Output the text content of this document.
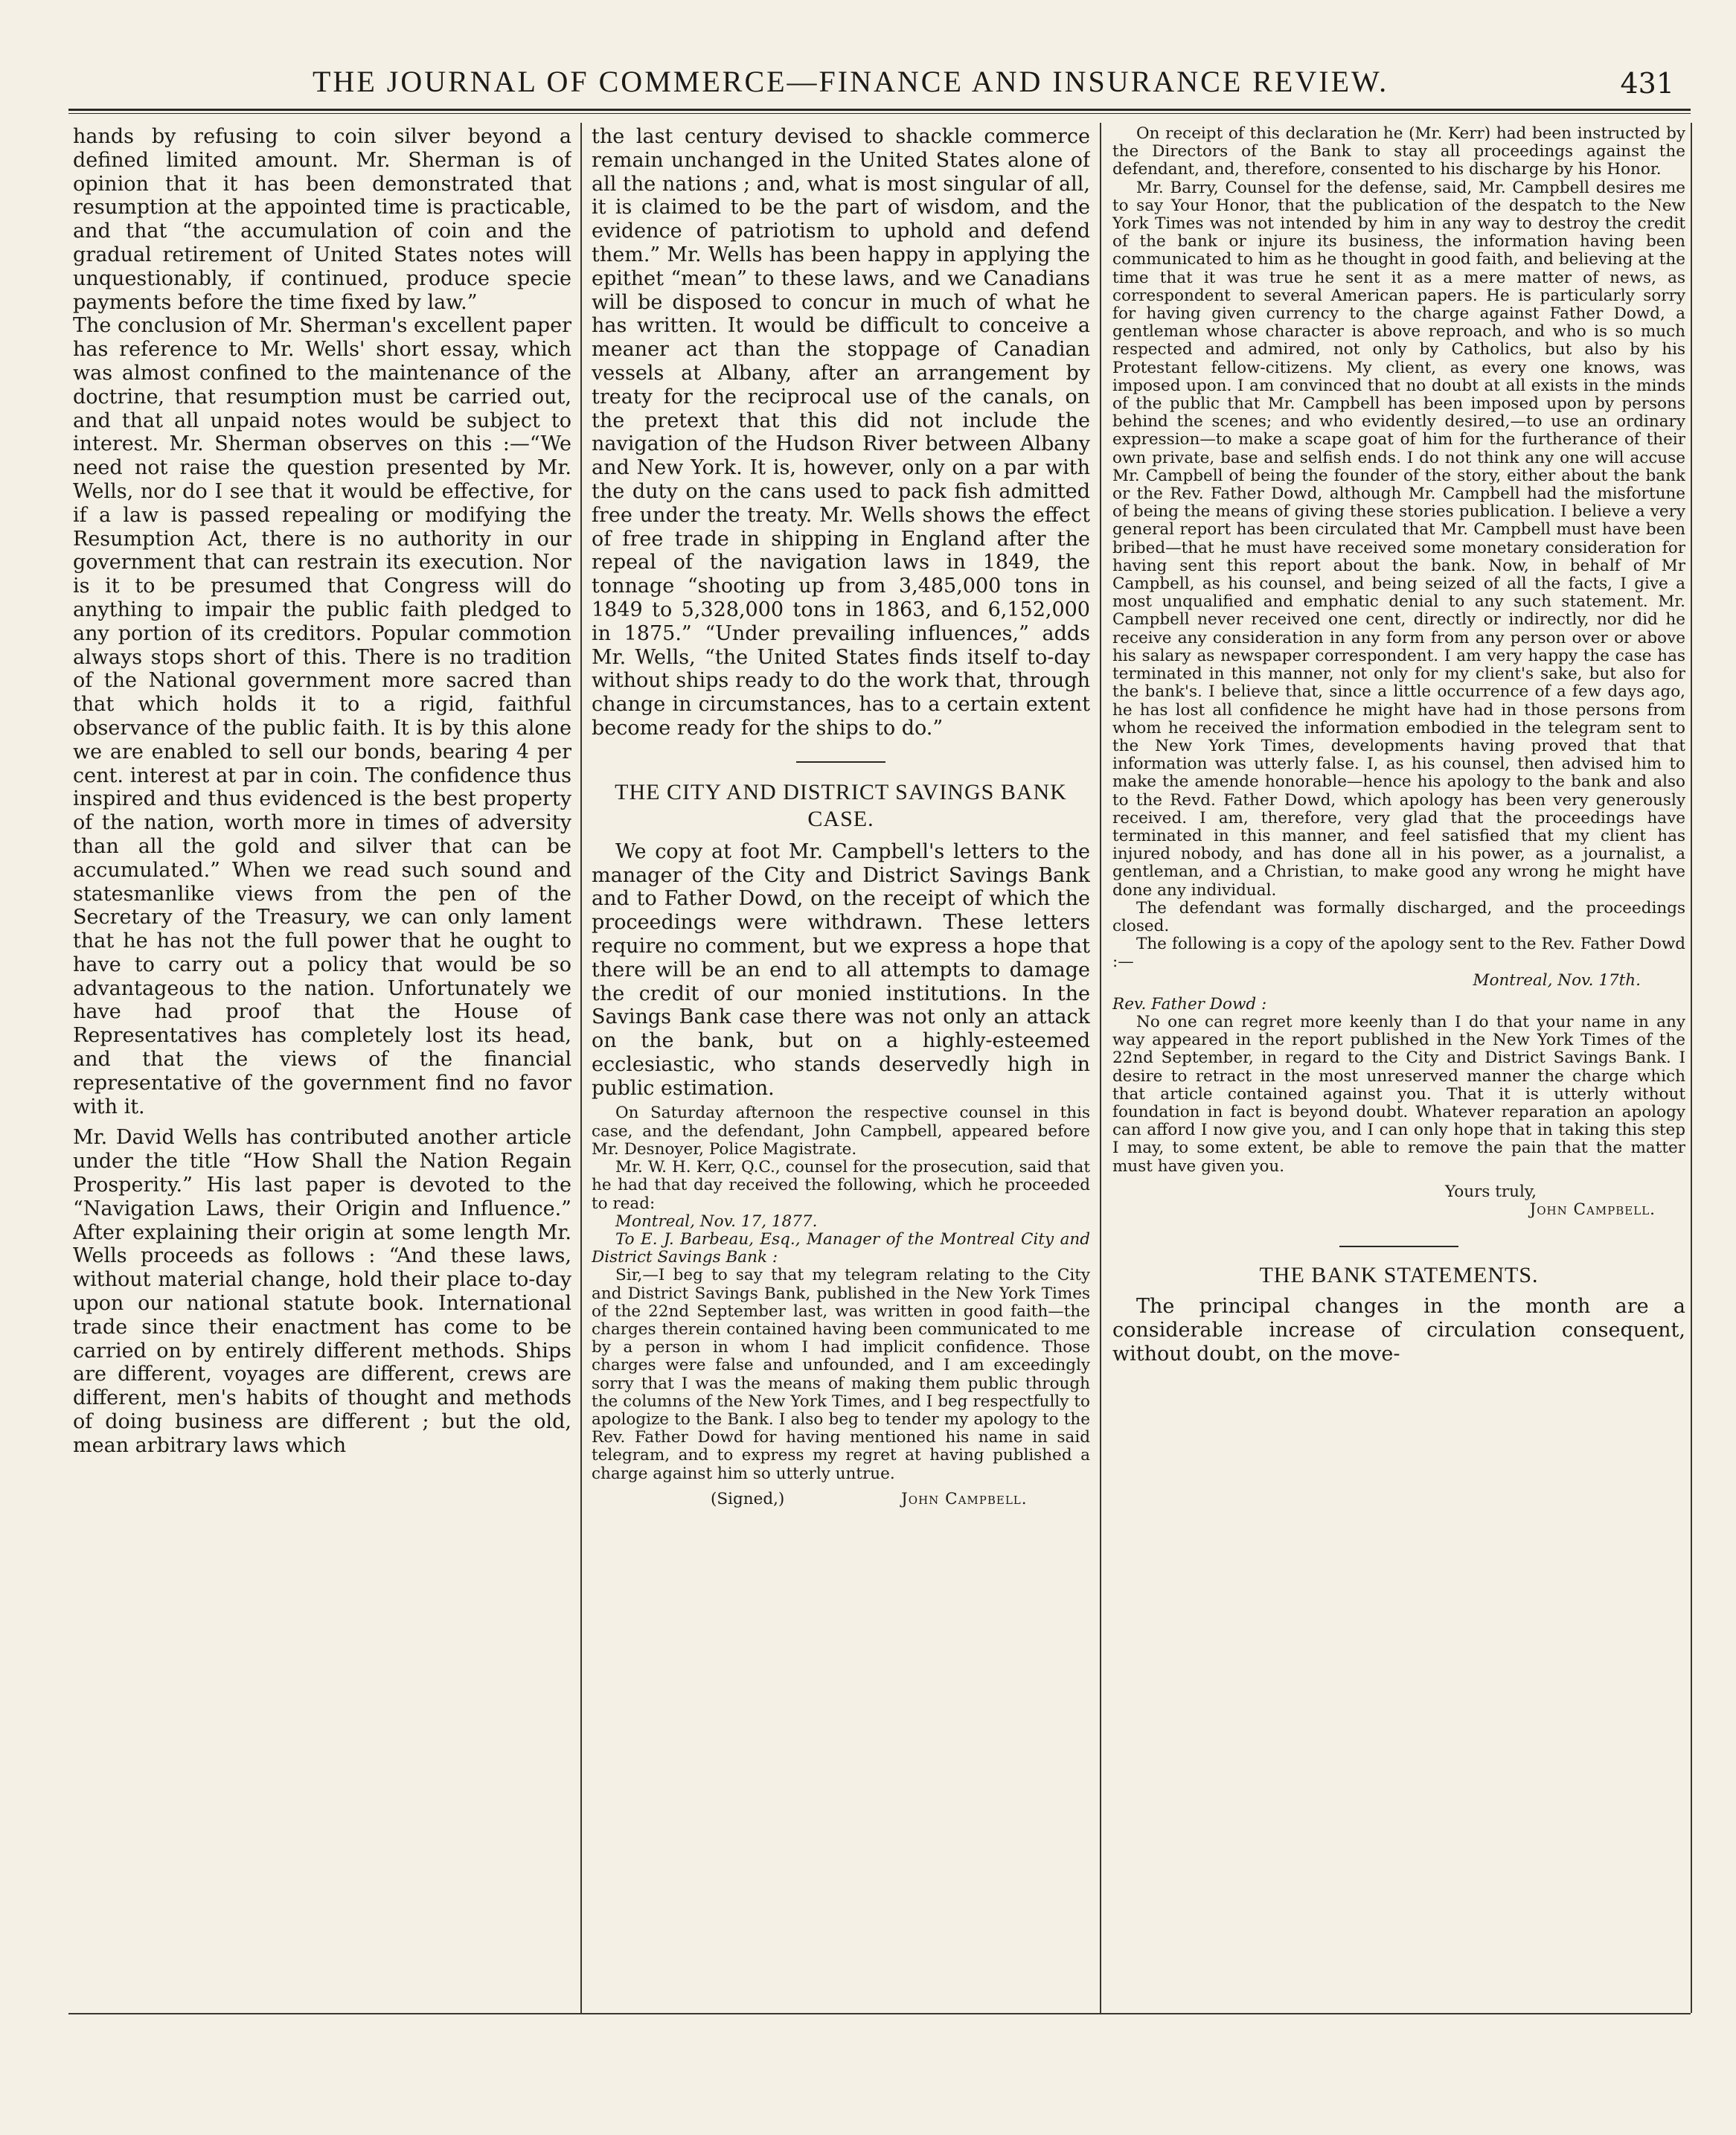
THE JOURNAL OF COMMERCE—FINANCE AND INSURANCE REVIEW.	431

hands by refusing to coin silver beyond a defined limited amount. Mr. Sherman is of opinion that it has been demonstrated that resumption at the appointed time is practicable, and that “the accumulation of coin and the gradual retirement of United States notes will unquestionably, if continued, produce specie payments before the time fixed by law.”

The conclusion of Mr. Sherman's excellent paper has reference to Mr. Wells' short essay, which was almost confined to the maintenance of the doctrine, that resumption must be carried out, and that all unpaid notes would be subject to interest. Mr. Sherman observes on this :—“We need not raise the question presented by Mr. Wells, nor do I see that it would be effective, for if a law is passed repealing or modifying the Resumption Act, there is no authority in our government that can restrain its execution. Nor is it to be presumed that Congress will do anything to impair the public faith pledged to any portion of its creditors. Popular commotion always stops short of this. There is no tradition of the National government more sacred than that which holds it to a rigid, faithful observance of the public faith. It is by this alone we are enabled to sell our bonds, bearing 4 per cent. interest at par in coin. The confidence thus inspired and thus evidenced is the best property of the nation, worth more in times of adversity than all the gold and silver that can be accumulated.” When we read such sound and statesmanlike views from the pen of the Secretary of the Treasury, we can only lament that he has not the full power that he ought to have to carry out a policy that would be so advantageous to the nation. Unfortunately we have had proof that the House of Representatives has completely lost its head, and that the views of the financial representative of the government find no favor with it.

Mr. David Wells has contributed another article under the title “How Shall the Nation Regain Prosperity.” His last paper is devoted to the “Navigation Laws, their Origin and Influence.” After explaining their origin at some length Mr. Wells proceeds as follows : “And these laws, without material change, hold their place to-day upon our national statute book. International trade since their enactment has come to be carried on by entirely different methods. Ships are different, voyages are different, crews are different, men's habits of thought and methods of doing business are different ; but the old, mean arbitrary laws which

the last century devised to shackle commerce remain unchanged in the United States alone of all the nations ; and, what is most singular of all, it is claimed to be the part of wisdom, and the evidence of patriotism to uphold and defend them.” Mr. Wells has been happy in applying the epithet “mean” to these laws, and we Canadians will be disposed to concur in much of what he has written. It would be difficult to conceive a meaner act than the stoppage of Canadian vessels at Albany, after an arrangement by treaty for the reciprocal use of the canals, on the pretext that this did not include the navigation of the Hudson River between Albany and New York. It is, however, only on a par with the duty on the cans used to pack fish admitted free under the treaty. Mr. Wells shows the effect of free trade in shipping in England after the repeal of the navigation laws in 1849, the tonnage “shooting up from 3,485,000 tons in 1849 to 5,328,000 tons in 1863, and 6,152,000 in 1875.” “Under prevailing influences,” adds Mr. Wells, “the United States finds itself to-day without ships ready to do the work that, through change in circumstances, has to a certain extent become ready for the ships to do.”

THE CITY AND DISTRICT SAVINGS BANK CASE.

We copy at foot Mr. Campbell's letters to the manager of the City and District Savings Bank and to Father Dowd, on the receipt of which the proceedings were withdrawn. These letters require no comment, but we express a hope that there will be an end to all attempts to damage the credit of our monied institutions. In the Savings Bank case there was not only an attack on the bank, but on a highly-esteemed ecclesiastic, who stands deservedly high in public estimation.

On Saturday afternoon the respective counsel in this case, and the defendant, John Campbell, appeared before Mr. Desnoyer, Police Magistrate.

Mr. W. H. Kerr, Q.C., counsel for the prosecution, said that he had that day received the following, which he proceeded to read:

Montreal, Nov. 17, 1877.

To E. J. Barbeau, Esq., Manager of the Montreal City and District Savings Bank :

Sir,—I beg to say that my telegram relating to the City and District Savings Bank, published in the New York Times of the 22nd September last, was written in good faith—the charges therein contained having been communicated to me by a person in whom I had implicit confidence. Those charges were false and unfounded, and I am exceedingly sorry that I was the means of making them public through the columns of the New York Times, and I beg respectfully to apologize to the Bank. I also beg to tender my apology to the Rev. Father Dowd for having mentioned his name in said telegram, and to express my regret at having published a charge against him so utterly untrue.

(Signed,)	John Campbell.

On receipt of this declaration he (Mr. Kerr) had been instructed by the Directors of the Bank to stay all proceedings against the defendant, and, therefore, consented to his discharge by his Honor.

Mr. Barry, Counsel for the defense, said, Mr. Campbell desires me to say Your Honor, that the publication of the despatch to the New York Times was not intended by him in any way to destroy the credit of the bank or injure its business, the information having been communicated to him as he thought in good faith, and believing at the time that it was true he sent it as a mere matter of news, as correspondent to several American papers. He is particularly sorry for having given currency to the charge against Father Dowd, a gentleman whose character is above reproach, and who is so much respected and admired, not only by Catholics, but also by his Protestant fellow-citizens. My client, as every one knows, was imposed upon. I am convinced that no doubt at all exists in the minds of the public that Mr. Campbell has been imposed upon by persons behind the scenes; and who evidently desired,—to use an ordinary expression—to make a scape goat of him for the furtherance of their own private, base and selfish ends. I do not think any one will accuse Mr. Campbell of being the founder of the story, either about the bank or the Rev. Father Dowd, although Mr. Campbell had the misfortune of being the means of giving these stories publication. I believe a very general report has been circulated that Mr. Campbell must have been bribed—that he must have received some monetary consideration for having sent this report about the bank. Now, in behalf of Mr Campbell, as his counsel, and being seized of all the facts, I give a most unqualified and emphatic denial to any such statement. Mr. Campbell never received one cent, directly or indirectly, nor did he receive any consideration in any form from any person over or above his salary as newspaper correspondent. I am very happy the case has terminated in this manner, not only for my client's sake, but also for the bank's. I believe that, since a little occurrence of a few days ago, he has lost all confidence he might have had in those persons from whom he received the information embodied in the telegram sent to the New York Times, developments having proved that that information was utterly false. I, as his counsel, then advised him to make the amende honorable—hence his apology to the bank and also to the Revd. Father Dowd, which apology has been very generously received. I am, therefore, very glad that the proceedings have terminated in this manner, and feel satisfied that my client has injured nobody, and has done all in his power, as a journalist, a gentleman, and a Christian, to make good any wrong he might have done any individual.

The defendant was formally discharged, and the proceedings closed.

The following is a copy of the apology sent to the Rev. Father Dowd :—

Montreal, Nov. 17th.

Rev. Father Dowd :

No one can regret more keenly than I do that your name in any way appeared in the report published in the New York Times of the 22nd September, in regard to the City and District Savings Bank. I desire to retract in the most unreserved manner the charge which that article contained against you. That it is utterly without foundation in fact is beyond doubt. Whatever reparation an apology can afford I now give you, and I can only hope that in taking this step I may, to some extent, be able to remove the pain that the matter must have given you.

Yours truly,

John Campbell.

THE BANK STATEMENTS.

The principal changes in the month are a considerable increase of circulation consequent, without doubt, on the move-
